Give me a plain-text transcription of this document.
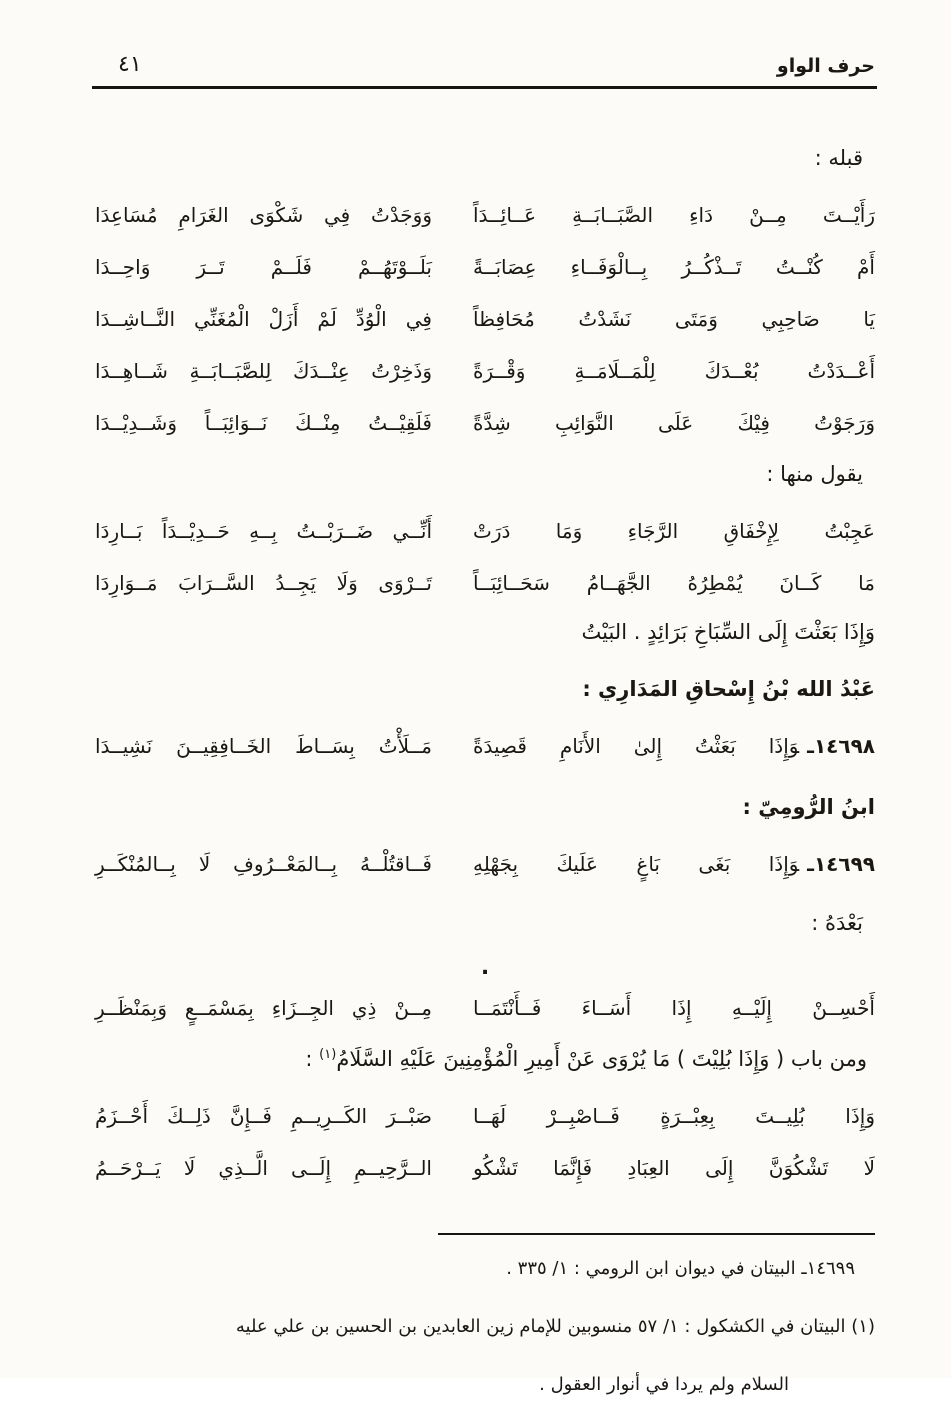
حرف الواو
٤١

قبله :

رَأَيْــتَ مِــنْ دَاءِ الصَّبَــابَــةِ عَــائِــدَاً
وَوَجَدْتُ فِي شَكْوَى الغَرَامِ مُسَاعِدَا
أَمْ كُنْــتُ تَــذْكُــرُ بِــالْوَفَــاءِ عِصَابَــةً
بَلَــوْتَهُــمْ فَلَــمْ تَــرَ وَاحِــدَا
يَا صَاحِبِي وَمَتَى نَشَدْتُ مُحَافِظاً
فِي الْوُدِّ لَمْ أَزَلْ الْمُغَنِّي النَّــاشِــدَا
أَعْــدَدْتُ بُعْــدَكَ لِلْمَــلَامَــةِ وَقْــرَةً
وَذَخِرْتُ عِنْــدَكَ لِلصَّبَــابَــةِ شَــاهِــدَا
وَرَجَوْتُ فِيْكَ عَلَى النَّوَائِبِ شِدَّةً
فَلَقِيْــتُ مِنْــكَ نَــوَائِبَــاً وَشَــدِيْــدَا

يقول منها :

عَجِبْتُ لِإِخْفَاقِ الرَّجَاءِ وَمَا دَرَتْ
أَنِّــي ضَــرَبْــتُ بِــهِ حَــدِيْــدَاً بَــارِدَا
مَا كَــانَ يُمْطِرُهُ الجَّهَــامُ سَحَــائِبَــاً
تَــرْوَى وَلَا يَجِــدُ السَّــرَابَ مَــوَارِدَا

وَإِذَا بَعَثْتَ إِلَى السِّبَاخِ بَرَائِدٍ . البَيْتُ

عَبْدُ الله بْنُ إِسْحاقِ المَدَارِي :

١٤٦٩٨ـوَإِذَا بَعَثْتُ إِلىٰ الأَنَامِ قَصِيدَةً
مَــلَأْتُ بِسَــاطَ الخَــافِقِيــنَ نَشِيــدَا

ابنُ الرُّومِيّ :

١٤٦٩٩ـوَإِذَا بَغَى بَاغٍ عَلَيكَ بِجَهْلِهِ
فَــاقتُلْــهُ بِــالمَعْــرُوفِ لَا بِــالمُنْكَــرِ

بَعْدَهُ :

.
أَحْسِــنْ إِلَيْــهِ إِذَا أَسَــاءَ فَــأَنْتَمَــا
مِــنْ ذِي الجِــزَاءِ بِمَسْمَــعٍ وَبِمَنْظَــرِ

ومن باب ( وَإِذَا بُلِيْتَ ) مَا يُرْوَى عَنْ أَمِيرِ الْمُؤْمِنِينَ عَلَيْهِ السَّلَامُ$^{(١)}$ :

وَإِذَا بُلِيــتَ بِعِبْــرَةٍ فَــاصْبِــرْ لَهَــا
صَبْــرَ الكَــرِيــمِ فَــإِنَّ ذَلِــكَ أَحْــزَمُ
لَا تَشْكُوَنَّ إِلَى العِبَادِ فَإِنَّمَا تَشْكُو
الــرَّحِيــمِ إِلَــى الَّــذِي لَا يَــرْحَــمُ

١٤٦٩٩ـ البيتان في ديوان ابن الرومي : ١/ ٣٣٥ .

(١) البيتان في الكشكول : ١/ ٥٧ منسوبين للإمام زين العابدين بن الحسين بن علي عليه

السلام ولم يردا في أنوار العقول .
